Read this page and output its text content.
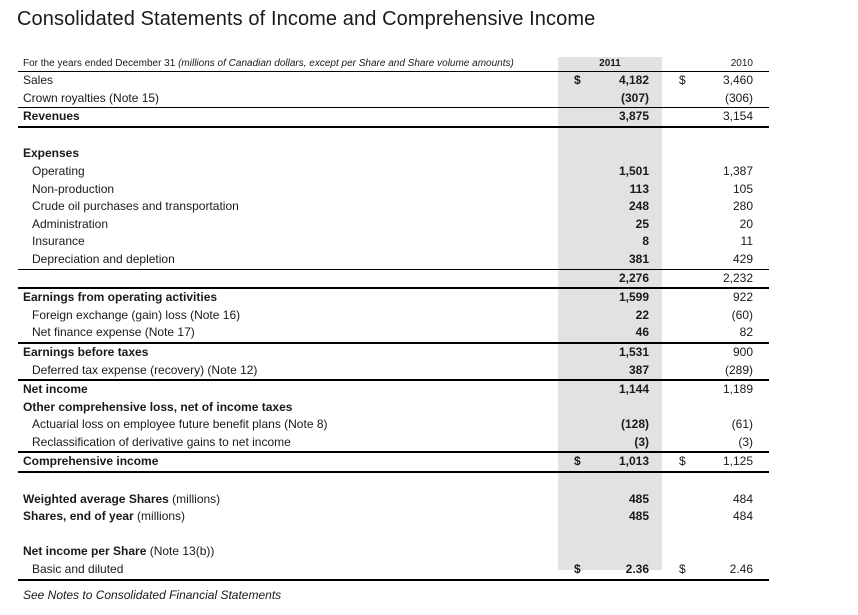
Consolidated Statements of Income and Comprehensive Income
For the years ended December 31 (millions of Canadian dollars, except per Share and Share volume amounts)	2011	2010
Sales	$	4,182	$	3,460
Crown royalties (Note 15)	(307)	(306)
Revenues	3,875	3,154
Expenses
Operating	1,501	1,387
Non-production	113	105
Crude oil purchases and transportation	248	280
Administration	25	20
Insurance	8	11
Depreciation and depletion	381	429
2,276	2,232
Earnings from operating activities	1,599	922
Foreign exchange (gain) loss (Note 16)	22	(60)
Net finance expense (Note 17)	46	82
Earnings before taxes	1,531	900
Deferred tax expense (recovery) (Note 12)	387	(289)
Net income	1,144	1,189
Other comprehensive loss, net of income taxes
Actuarial loss on employee future benefit plans (Note 8)	(128)	(61)
Reclassification of derivative gains to net income	(3)	(3)
Comprehensive income	$	1,013	$	1,125
Weighted average Shares (millions)	485	484
Shares, end of year (millions)	485	484
Net income per Share (Note 13(b))
Basic and diluted	$	2.36	$	2.46
See Notes to Consolidated Financial Statements
